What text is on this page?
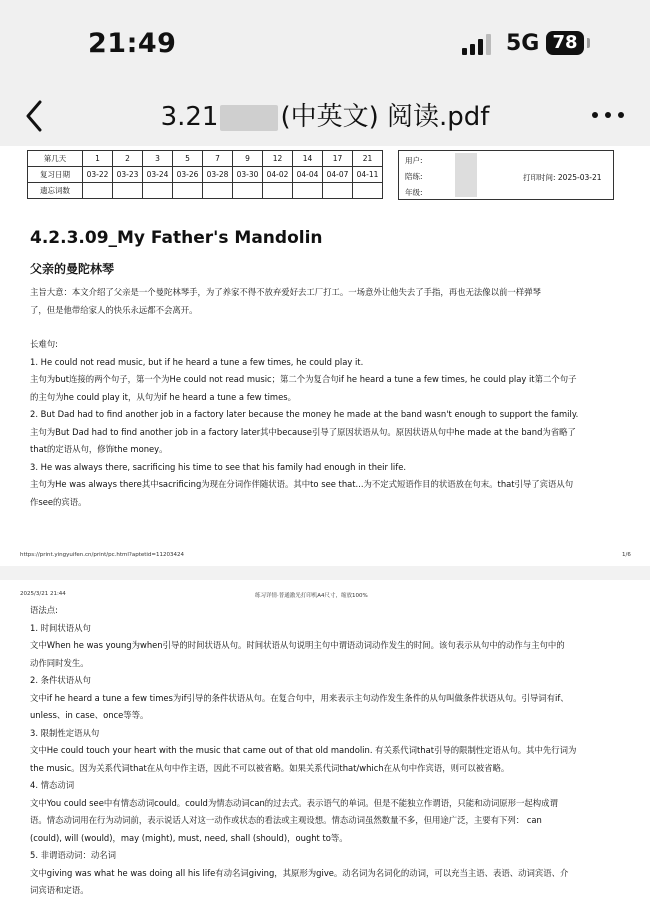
21:49	5G 78
3.21 (中英文) 阅读.pdf
第几天	1	2	3	5	7	9	12	14	17	21
复习日期	03-22	03-23	03-24	03-26	03-28	03-30	04-02	04-04	04-07	04-11
遗忘词数										
用户:
陪练:
年级:
打印时间: 2025-03-21
4.2.3.09_My Father's Mandolin
父亲的曼陀林琴
主旨大意：本文介绍了父亲是一个曼陀林琴手，为了养家不得不放弃爱好去工厂打工。一场意外让他失去了手指，再也无法像以前一样弹琴
了，但是他带给家人的快乐永远都不会离开。
长难句:
1. He could not read music, but if he heard a tune a few times, he could play it.
主句为but连接的两个句子，第一个为He could not read music；第二个为复合句if he heard a tune a few times, he could play it第二个句子
的主句为he could play it，从句为if he heard a tune a few times。
2. But Dad had to find another job in a factory later because the money he made at the band wasn't enough to support the family.
主句为But Dad had to find another job in a factory later其中because引导了原因状语从句。原因状语从句中he made at the band为省略了
that的定语从句，修饰the money。
3. He was always there, sacrificing his time to see that his family had enough in their life.
主句为He was always there其中sacrificing为现在分词作伴随状语。其中to see that...为不定式短语作目的状语放在句末。that引导了宾语从句
作see的宾语。
https://print.yingyuifen.cn/print/pc.html?aptetid=11203424	1/6
2025/3/21 21:44	练习详情·普通激光打印机A4尺寸，缩放100%
语法点:
1. 时间状语从句
文中When he was young为when引导的时间状语从句。时间状语从句说明主句中谓语动词动作发生的时间。该句表示从句中的动作与主句中的
动作同时发生。
2. 条件状语从句
文中if he heard a tune a few times为if引导的条件状语从句。在复合句中，用来表示主句动作发生条件的从句叫做条件状语从句。引导词有if、
unless、in case、once等等。
3. 限制性定语从句
文中He could touch your heart with the music that came out of that old mandolin. 有关系代词that引导的限制性定语从句。其中先行词为
the music。因为关系代词that在从句中作主语，因此不可以被省略。如果关系代词that/which在从句中作宾语，则可以被省略。
4. 情态动词
文中You could see中有情态动词could。could为情态动词can的过去式。表示语气的单词。但是不能独立作谓语，只能和动词原形一起构成谓
语。情态动词用在行为动词前，表示说话人对这一动作或状态的看法或主观设想。情态动词虽然数量不多，但用途广泛，主要有下列： can
(could), will (would)，may (might), must, need, shall (should)，ought to等。
5. 非谓语动词：动名词
文中giving was what he was doing all his life有动名词giving，其原形为give。动名词为名词化的动词，可以充当主语、表语、动词宾语、介
词宾语和定语。
